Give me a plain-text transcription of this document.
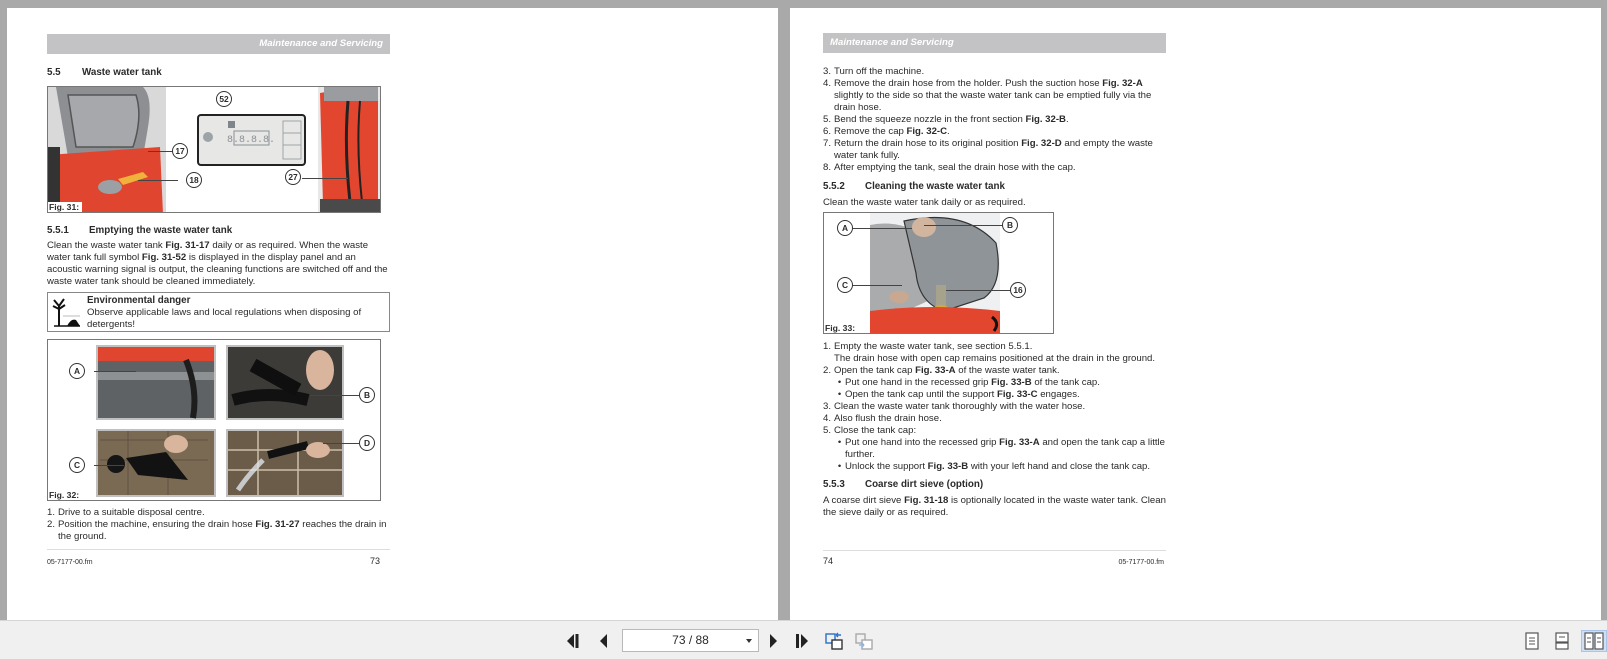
Maintenance and Servicing
5.5 Waste water tank
8.8.8.8.
52
17
18	27
Fig. 31:
5.5.1 Emptying the waste water tank

Clean the waste water tank Fig. 31-17 daily or as required. When the waste water tank full symbol Fig. 31-52 is displayed in the display panel and an acoustic warning signal is output, the cleaning functions are switched off and the waste water tank should be cleaned immediately.

Environmental danger
Observe applicable laws and local regulations when disposing of detergents!
A
B
C
D
Fig. 32:
1. Drive to a suitable disposal centre.
2. Position the machine, ensuring the drain hose Fig. 31-27 reaches the drain in the ground.
05-7177-00.fm	73
Maintenance and Servicing
3. Turn off the machine.
4. Remove the drain hose from the holder. Push the suction hose Fig. 32-A slightly to the side so that the waste water tank can be emptied fully via the drain hose.
5. Bend the squeeze nozzle in the front section Fig. 32-B.
6. Remove the cap Fig. 32-C.
7. Return the drain hose to its original position Fig. 32-D and empty the waste water tank fully.
8. After emptying the tank, seal the drain hose with the cap.
5.5.2 Cleaning the waste water tank

Clean the waste water tank daily or as required.

A	B
C	16
Fig. 33:
1. Empty the waste water tank, see section 5.5.1.
The drain hose with open cap remains positioned at the drain in the ground.
2. Open the tank cap Fig. 33-A of the waste water tank.
• Put one hand in the recessed grip Fig. 33-B of the tank cap.
• Open the tank cap until the support Fig. 33-C engages.
3. Clean the waste water tank thoroughly with the water hose.
4. Also flush the drain hose.
5. Close the tank cap:
• Put one hand into the recessed grip Fig. 33-A and open the tank cap a little further.
• Unlock the support Fig. 33-B with your left hand and close the tank cap.
5.5.3 Coarse dirt sieve (option)

A coarse dirt sieve Fig. 31-18 is optionally located in the waste water tank. Clean the sieve daily or as required.

74	05-7177-00.fm
73 / 88
